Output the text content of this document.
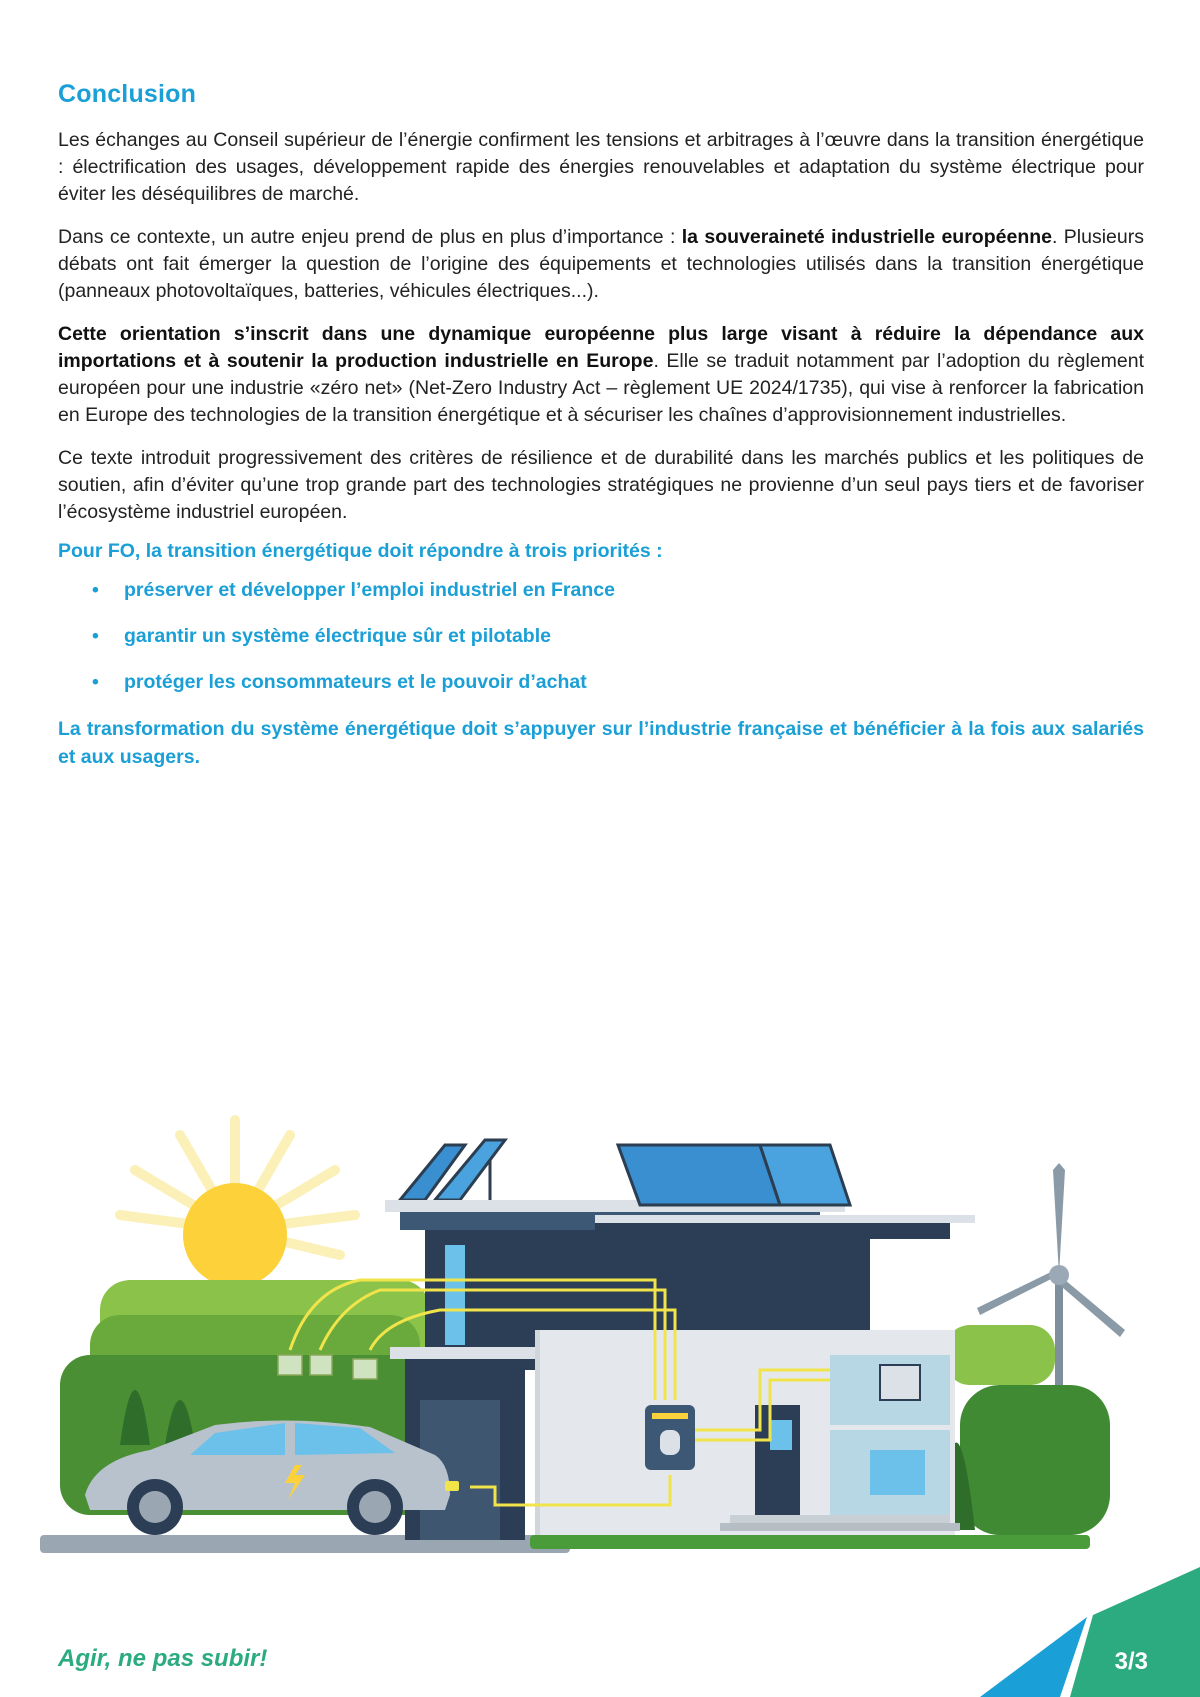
Conclusion

Les échanges au Conseil supérieur de l’énergie confirment les tensions et arbitrages à l’œuvre dans la transition énergétique : électrification des usages, développement rapide des énergies renouvelables et adaptation du système électrique pour éviter les déséquilibres de marché.

Dans ce contexte, un autre enjeu prend de plus en plus d’importance : la souveraineté industrielle européenne. Plusieurs débats ont fait émerger la question de l’origine des équipements et technologies utilisés dans la transition énergétique (panneaux photovoltaïques, batteries, véhicules électriques...).

Cette orientation s’inscrit dans une dynamique européenne plus large visant à réduire la dépendance aux importations et à soutenir la production industrielle en Europe. Elle se traduit notamment par l’adoption du règlement européen pour une industrie «zéro net» (Net-Zero Industry Act – règlement UE 2024/1735), qui vise à renforcer la fabrication en Europe des technologies de la transition énergétique et à sécuriser les chaînes d’approvisionnement industrielles.

Ce texte introduit progressivement des critères de résilience et de durabilité dans les marchés publics et les politiques de soutien, afin d’éviter qu’une trop grande part des technologies stratégiques ne provienne d’un seul pays tiers et de favoriser l’écosystème industriel européen.

Pour FO, la transition énergétique doit répondre à trois priorités :
•	préserver et développer l’emploi industriel en France
•	garantir un système électrique sûr et pilotable
•	protéger les consommateurs et le pouvoir d’achat
La transformation du système énergétique doit s’appuyer sur l’industrie française et bénéficier à la fois aux salariés et aux usagers.
Agir, ne pas subir!	3/3
